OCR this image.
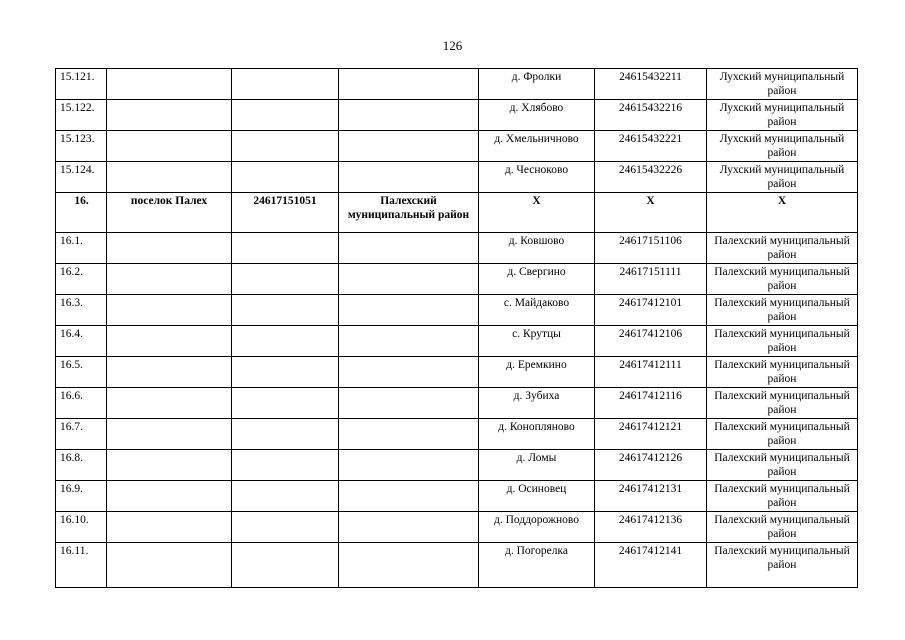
126
15.121.				д. Фролки	24615432211	Лухский муниципальный район
15.122.				д. Хлябово	24615432216	Лухский муниципальный район
15.123.				д. Хмельничново	24615432221	Лухский муниципальный район
15.124.				д. Чесноково	24615432226	Лухский муниципальный район
16.	поселок Палех	24617151051	Палехский муниципальный район	Х	Х	Х
16.1.				д. Ковшово	24617151106	Палехский муниципальный район
16.2.				д. Свергино	24617151111	Палехский муниципальный район
16.3.				с. Майдаково	24617412101	Палехский муниципальный район
16.4.				с. Крутцы	24617412106	Палехский муниципальный район
16.5.				д. Еремкино	24617412111	Палехский муниципальный район
16.6.				д. Зубиха	24617412116	Палехский муниципальный район
16.7.				д. Конопляново	24617412121	Палехский муниципальный район
16.8.				д. Ломы	24617412126	Палехский муниципальный район
16.9.				д. Осиновец	24617412131	Палехский муниципальный район
16.10.				д. Поддорожново	24617412136	Палехский муниципальный район
16.11.				д. Погорелка	24617412141	Палехский муниципальный район
